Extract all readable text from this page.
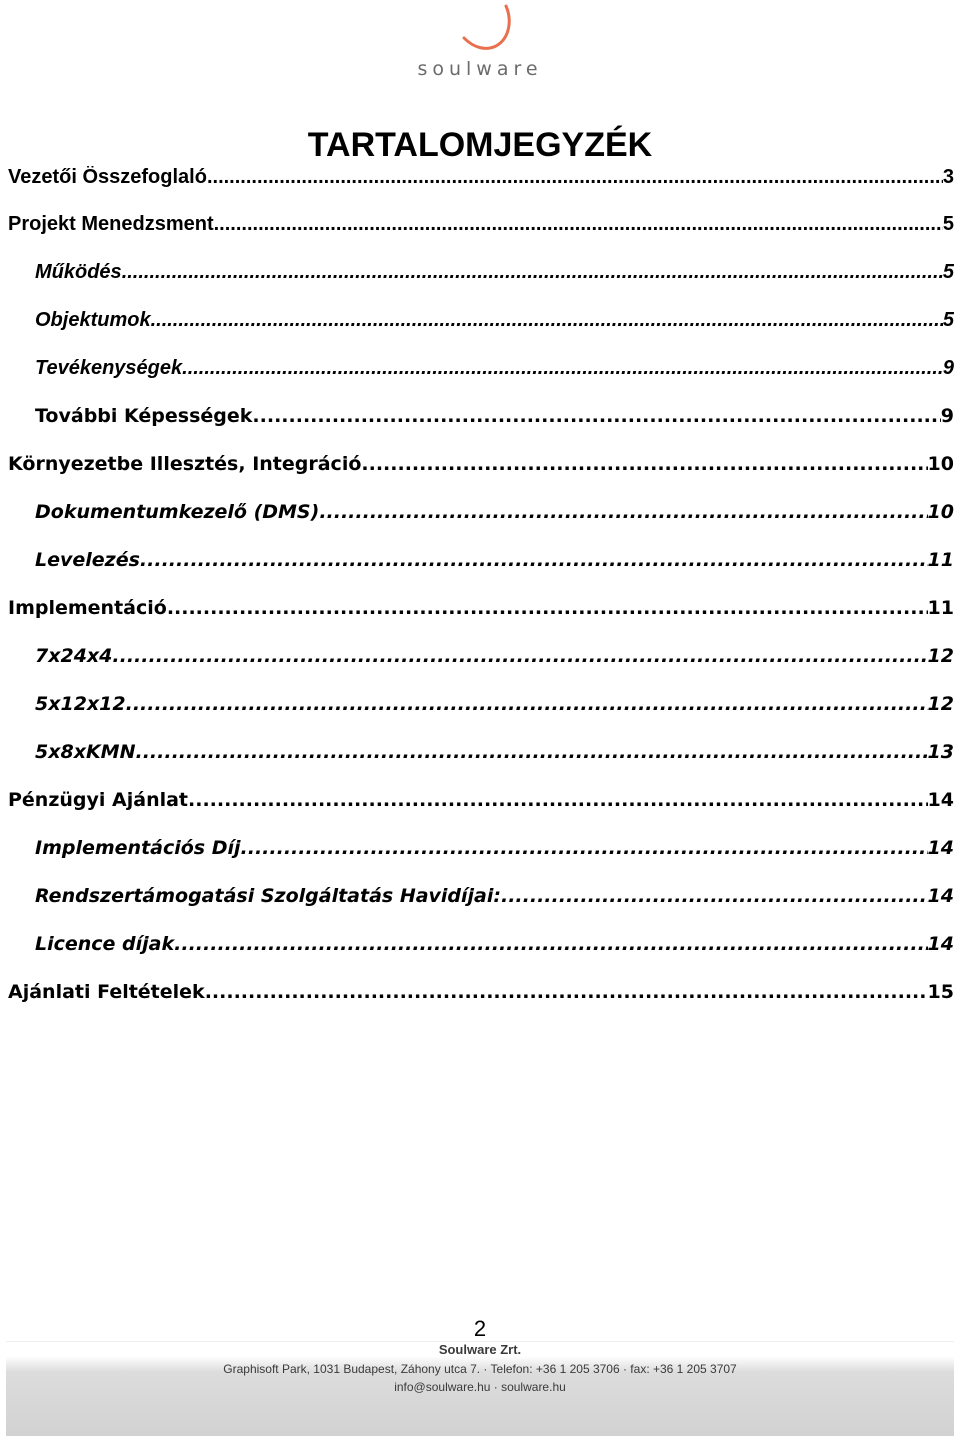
soulware
TARTALOMJEGYZÉK
Vezetői Összefoglaló .....	3
Projekt Menedzsment .....	5
Működés .....	5
Objektumok .....	5
Tevékenységek .....	9
További Képességek .....	9
Környezetbe Illesztés, Integráció .....	10
Dokumentumkezelő (DMS) .....	10
Levelezés .....	11
Implementáció .....	11
7x24x4 .....	12
5x12x12 .....	12
5x8xKMN .....	13
Pénzügyi Ajánlat .....	14
Implementációs Díj .....	14
Rendszertámogatási Szolgáltatás Havidíjai: .....	14
Licence díjak .....	14
Ajánlati Feltételek .....	15
2
Soulware Zrt.
Graphisoft Park, 1031 Budapest, Záhony utca 7. · Telefon: +36 1 205 3706 · fax: +36 1 205 3707
info@soulware.hu · soulware.hu
